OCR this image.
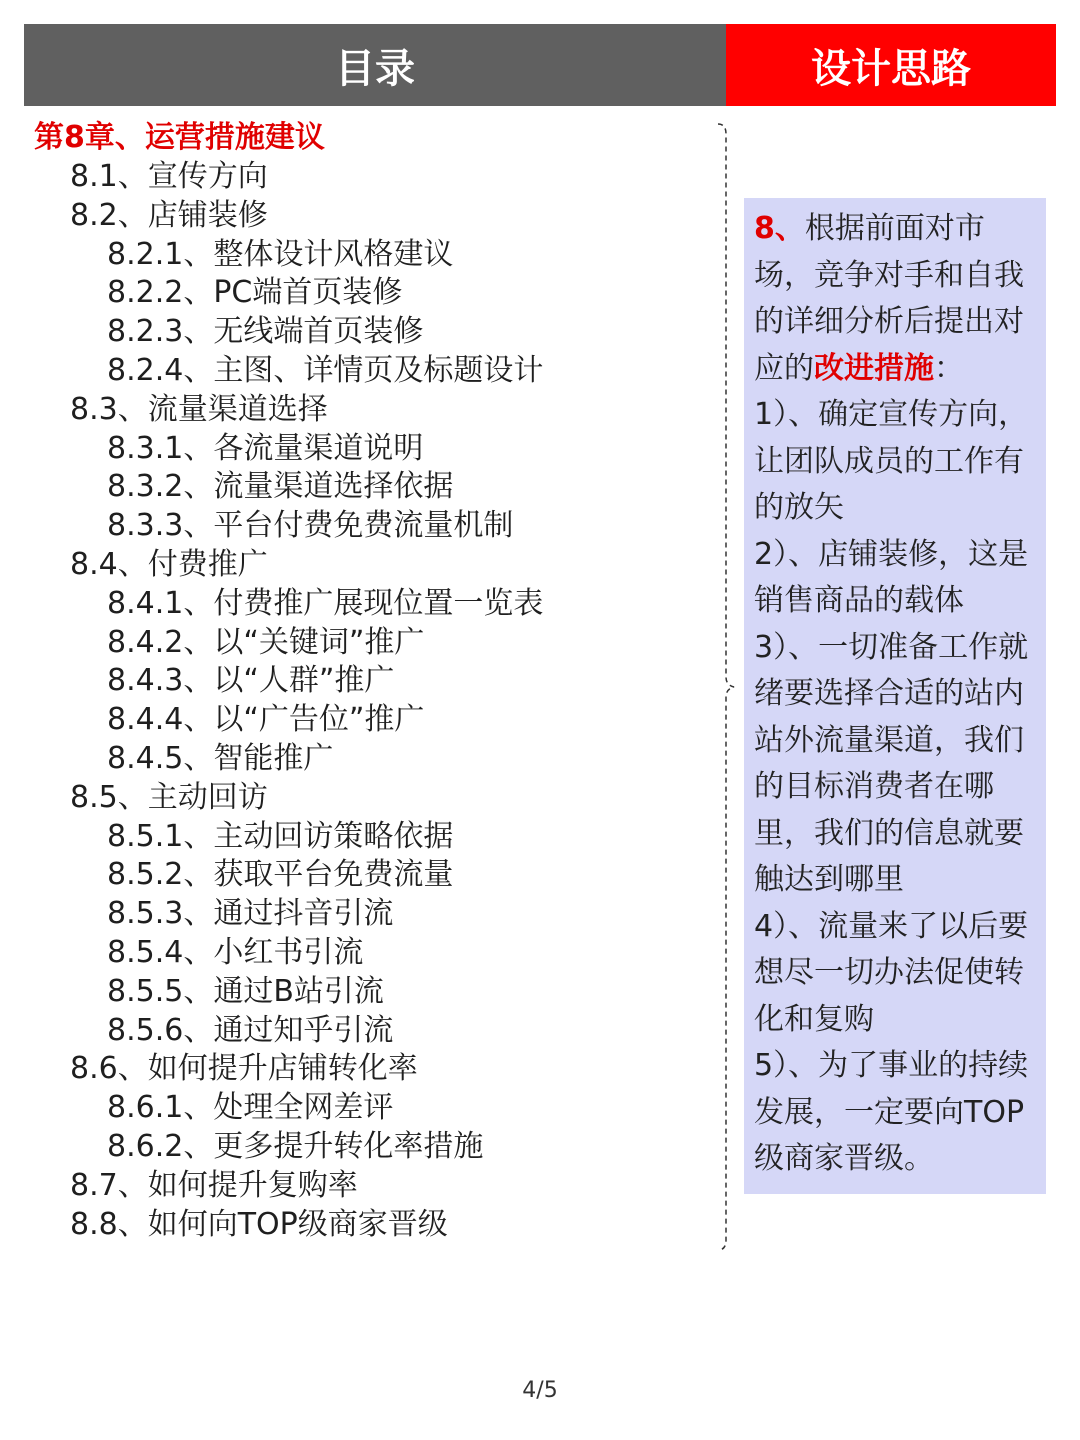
目录	设计思路
第8章、运营措施建议
8.1、宣传方向
8.2、店铺装修
8.2.1、整体设计风格建议
8.2.2、PC端首页装修
8.2.3、无线端首页装修
8.2.4、主图、详情页及标题设计
8.3、流量渠道选择
8.3.1、各流量渠道说明
8.3.2、流量渠道选择依据
8.3.3、平台付费免费流量机制
8.4、付费推广
8.4.1、付费推广展现位置一览表
8.4.2、以“关键词”推广
8.4.3、以“人群”推广
8.4.4、以“广告位”推广
8.4.5、智能推广
8.5、主动回访
8.5.1、主动回访策略依据
8.5.2、获取平台免费流量
8.5.3、通过抖音引流
8.5.4、小红书引流
8.5.5、通过B站引流
8.5.6、通过知乎引流
8.6、如何提升店铺转化率
8.6.1、处理全网差评
8.6.2、更多提升转化率措施
8.7、如何提升复购率
8.8、如何向TOP级商家晋级

8、根据前面对市场，竞争对手和自我的详细分析后提出对应的改进措施：

1）、确定宣传方向，让团队成员的工作有的放矢

2）、店铺装修，这是销售商品的载体

3）、一切准备工作就绪要选择合适的站内站外流量渠道，我们的目标消费者在哪里，我们的信息就要触达到哪里

4）、流量来了以后要想尽一切办法促使转化和复购

5）、为了事业的持续发展，一定要向TOP级商家晋级。

4/5
